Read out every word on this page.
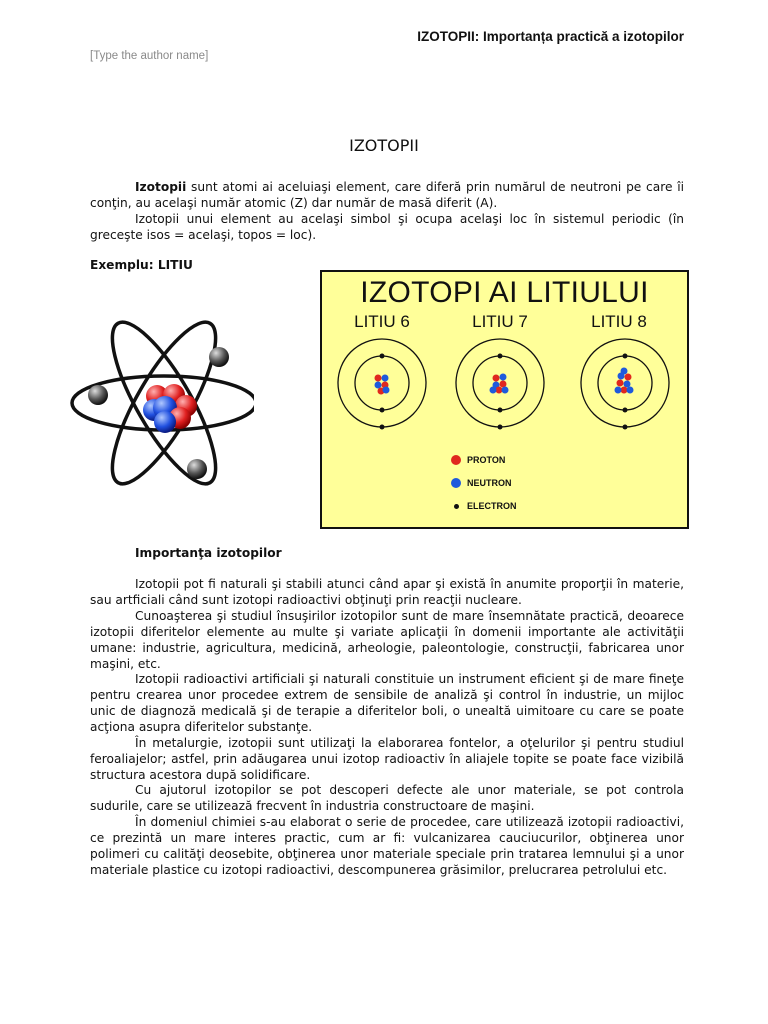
IZOTOPII: Importanța practică a izotopilor
[Type the author name]
IZOTOPII

Izotopii sunt atomi ai aceluiaşi element, care diferă prin numărul de neutroni pe care îi conţin, au acelaşi număr atomic (Z) dar număr de masă diferit (A).

Izotopii unui element au acelaşi simbol şi ocupa acelaşi loc în sistemul periodic (în greceşte isos = acelaşi, topos = loc).

Exemplu: LITIU
IZOTOPI AI LITIULUI
LITIU 6	LITIU 7	LITIU 8
PROTON
NEUTRON
ELECTRON
Importanţa izotopilor

Izotopii pot fi naturali şi stabili atunci când apar şi există în anumite proporţii în materie, sau artficiali când sunt izotopi radioactivi obţinuţi prin reacţii nucleare.

Cunoaşterea şi studiul însuşirilor izotopilor sunt de mare însemnătate practică, deoarece izotopii diferitelor elemente au multe şi variate aplicaţii în domenii importante ale activităţii umane: industrie, agricultura, medicină, arheologie, paleontologie, construcţii, fabricarea unor maşini, etc.

Izotopii radioactivi artificiali şi naturali constituie un instrument eficient şi de mare fineţe pentru crearea unor procedee extrem de sensibile de analiză şi control în industrie, un mijloc unic de diagnoză medicală şi de terapie a diferitelor boli, o unealtă uimitoare cu care se poate acţiona asupra diferitelor substanţe.

În metalurgie, izotopii sunt utilizaţi la elaborarea fontelor, a oţelurilor şi pentru studiul feroaliajelor; astfel, prin adăugarea unui izotop radioactiv în aliajele topite se poate face vizibilă structura acestora după solidificare.

Cu ajutorul izotopilor se pot descoperi defecte ale unor materiale, se pot controla sudurile, care se utilizează frecvent în industria constructoare de maşini.

În domeniul chimiei s-au elaborat o serie de procedee, care utilizează izotopii radioactivi, ce prezintă un mare interes practic, cum ar fi: vulcanizarea cauciucurilor, obţinerea unor polimeri cu calităţi deosebite, obţinerea unor materiale speciale prin tratarea lemnului şi a unor materiale plastice cu izotopi radioactivi, descompunerea grăsimilor, prelucrarea petrolului etc.
